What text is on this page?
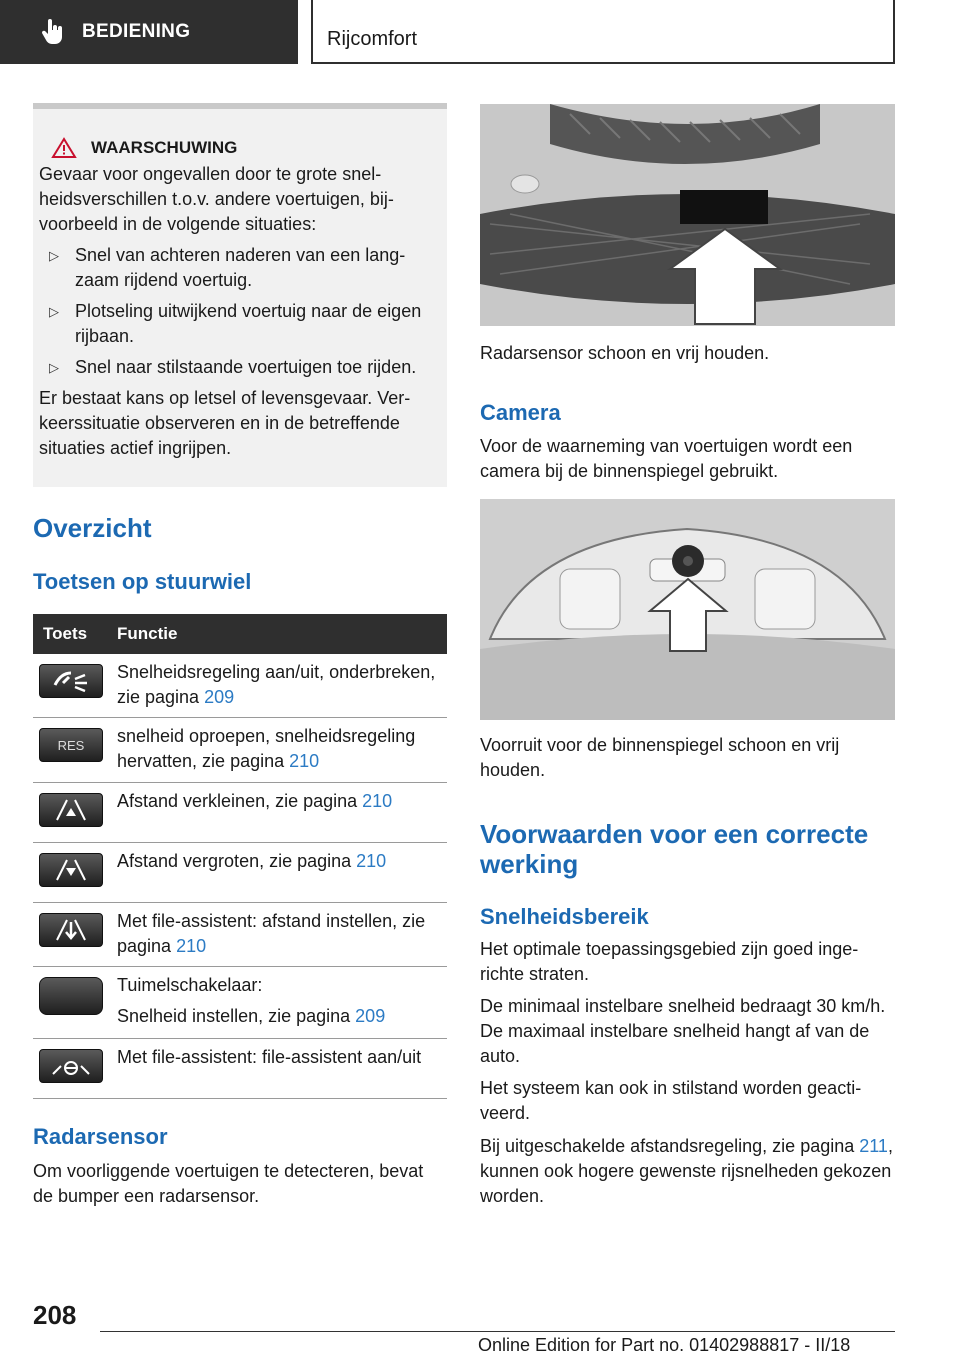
BEDIENING	Rijcomfort
WAARSCHUWING

Gevaar voor ongevallen door te grote snelheidsverschillen t.o.v. andere voertuigen, bijvoorbeeld in de volgende situaties:

▷ Snel van achteren naderen van een langzaam rijdend voertuig.
▷ Plotseling uitwijkend voertuig naar de eigen rijbaan.
▷ Snel naar stilstaande voertuigen toe rijden.

Er bestaat kans op letsel of levensgevaar. Verkeerssituatie observeren en in de betreffende situaties actief ingrijpen.

Overzicht
Toetsen op stuurwiel
Toets	Functie
Snelheidsregeling aan/uit, onderbreken, zie pagina 209
RES snelheid oproepen, snelheidsregeling hervatten, zie pagina 210
Afstand verkleinen, zie pagina 210
Afstand vergroten, zie pagina 210
Met file-assistent: afstand instellen, zie pagina 210
Tuimelschakelaar:
Snelheid instellen, zie pagina 209
Met file-assistent: file-assistent aan/uit
Radarsensor
Om voorliggende voertuigen te detecteren, bevat de bumper een radarsensor.
Radarsensor schoon en vrij houden.
Camera
Voor de waarneming van voertuigen wordt een camera bij de binnenspiegel gebruikt.
Voorruit voor de binnenspiegel schoon en vrij houden.
Voorwaarden voor een correcte
werking
Snelheidsbereik
Het optimale toepassingsgebied zijn goed ingerichte straten.
De minimaal instelbare snelheid bedraagt 30 km/h. De maximaal instelbare snelheid hangt af van de auto.
Het systeem kan ook in stilstand worden geactiveerd.
Bij uitgeschakelde afstandsregeling, zie pagina 211, kunnen ook hogere gewenste rijsnelheden gekozen worden.
208
Online Edition for Part no. 01402988817 - II/18
